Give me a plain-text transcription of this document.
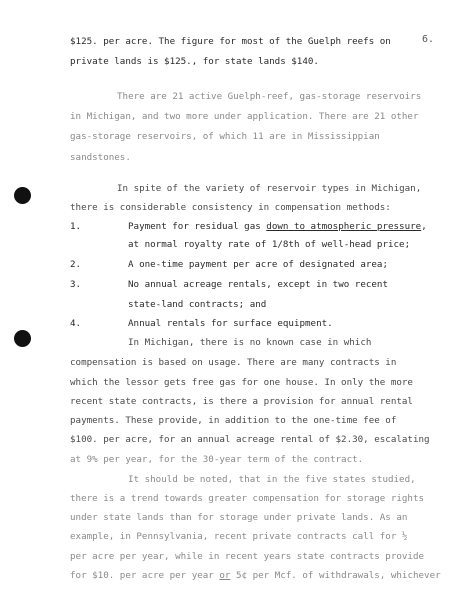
6.
$125. per acre. The figure for most of the Guelph reefs on
private lands is $125., for state lands $140.
There are 21 active Guelph-reef, gas-storage reservoirs
in Michigan, and two more under application. There are 21 other
gas-storage reservoirs, of which 11 are in Mississippian
sandstones.
In spite of the variety of reservoir types in Michigan,
there is considerable consistency in compensation methods:
1.	Payment for residual gas down to atmospheric pressure,
at normal royalty rate of 1/8th of well-head price;
2.	A one-time payment per acre of designated area;
3.	No annual acreage rentals, except in two recent
state-land contracts; and
4.	Annual rentals for surface equipment.
In Michigan, there is no known case in which
compensation is based on usage. There are many contracts in
which the lessor gets free gas for one house. In only the more
recent state contracts, is there a provision for annual rental
payments. These provide, in addition to the one-time fee of
$100. per acre, for an annual acreage rental of $2.30, escalating
at 9% per year, for the 30-year term of the contract.
It should be noted, that in the five states studied,
there is a trend towards greater compensation for storage rights
under state lands than for storage under private lands. As an
example, in Pennsylvania, recent private contracts call for ½
per acre per year, while in recent years state contracts provide
for $10. per acre per year or 5¢ per Mcf. of withdrawals, whichever
